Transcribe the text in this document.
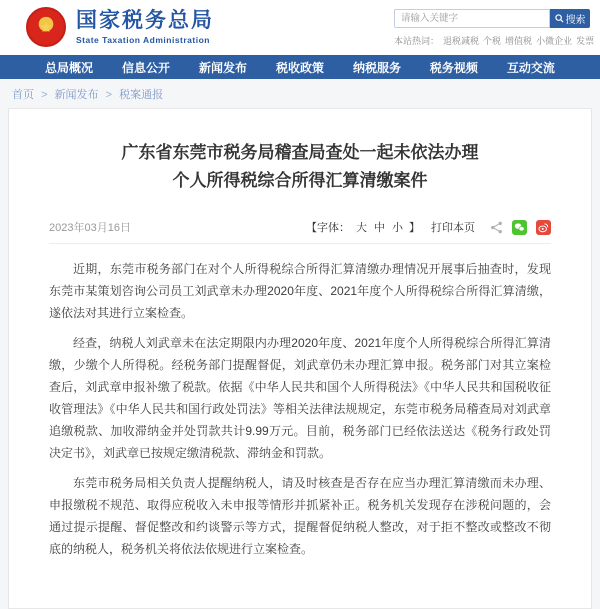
★	国家税务总局
State Taxation Administration
请输入关键字
搜索
本站热词： 退税减税 个税 增值税 小微企业 发票
总局概况 信息公开 新闻发布 税收政策 纳税服务 税务视频 互动交流
首页 > 新闻发布 > 税案通报
广东省东莞市税务局稽查局查处一起未依法办理
个人所得税综合所得汇算清缴案件
2023年03月16日	【字体： 大 中 小 】 打印本页

近期，东莞市税务部门在对个人所得税综合所得汇算清缴办理情况开展事后抽查时，发现东莞市某策划咨询公司员工刘武章未办理2020年度、2021年度个人所得税综合所得汇算清缴，遂依法对其进行立案检查。

经查，纳税人刘武章未在法定期限内办理2020年度、2021年度个人所得税综合所得汇算清缴，少缴个人所得税。经税务部门提醒督促，刘武章仍未办理汇算申报。税务部门对其立案检查后，刘武章申报补缴了税款。依据《中华人民共和国个人所得税法》《中华人民共和国税收征收管理法》《中华人民共和国行政处罚法》等相关法律法规规定，东莞市税务局稽查局对刘武章追缴税款、加收滞纳金并处罚款共计9.99万元。目前，税务部门已经依法送达《税务行政处罚决定书》，刘武章已按规定缴清税款、滞纳金和罚款。

东莞市税务局相关负责人提醒纳税人，请及时核查是否存在应当办理汇算清缴而未办理、申报缴税不规范、取得应税收入未申报等情形并抓紧补正。税务机关发现存在涉税问题的，会通过提示提醒、督促整改和约谈警示等方式，提醒督促纳税人整改，对于拒不整改或整改不彻底的纳税人，税务机关将依法依规进行立案检查。
